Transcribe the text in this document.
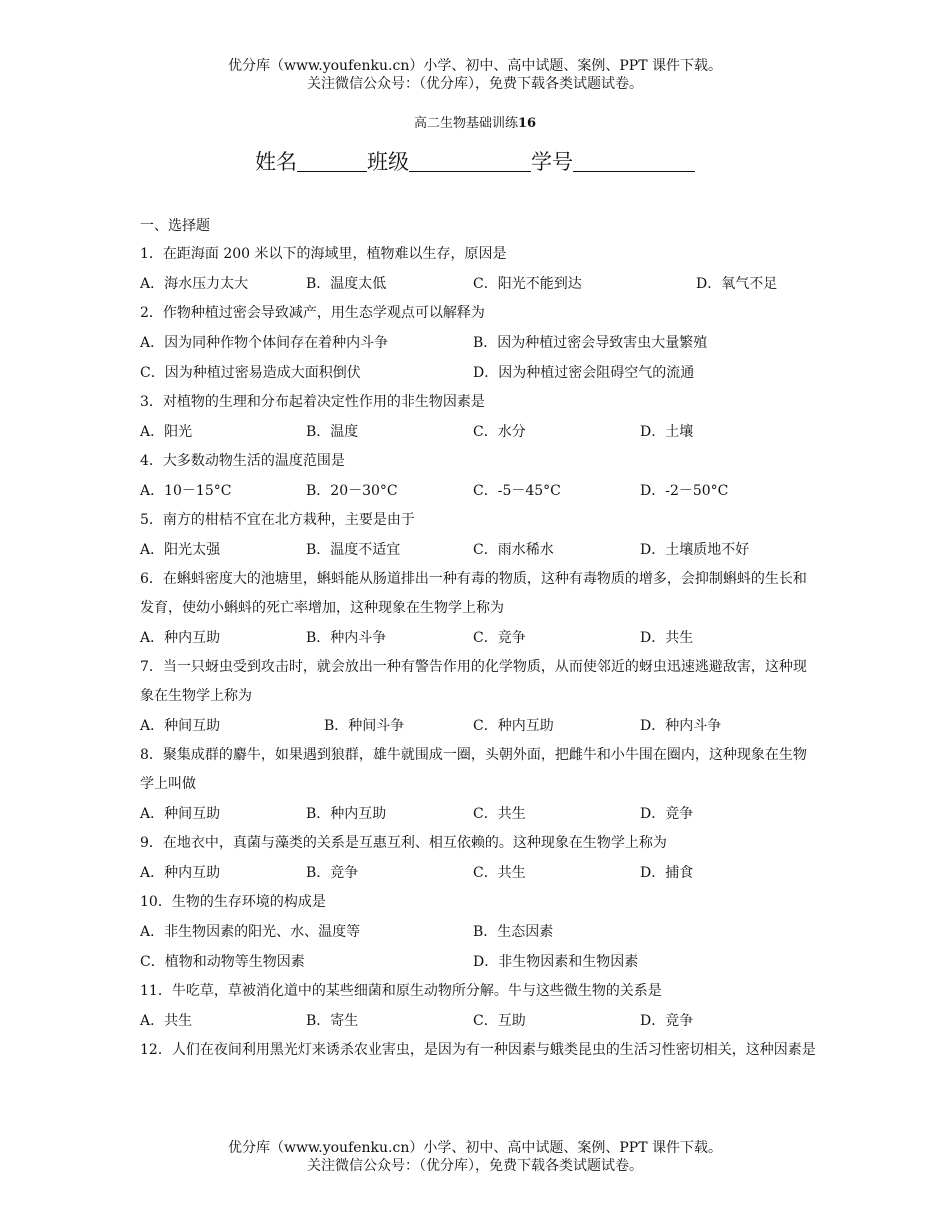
优分库（www.youfenku.cn）小学、初中、高中试题、案例、PPT 课件下载。
关注微信公众号：（优分库），免费下载各类试题试卷。
高二生物基础训练16
姓名	班级	学号
一、选择题
1．在距海面 200 米以下的海域里，植物难以生存，原因是
A．海水压力太大	B．温度太低	C．阳光不能到达	D．氧气不足
2．作物种植过密会导致减产，用生态学观点可以解释为
A．因为同种作物个体间存在着种内斗争	B．因为种植过密会导致害虫大量繁殖
C．因为种植过密易造成大面积倒伏	D．因为种植过密会阻碍空气的流通
3．对植物的生理和分布起着决定性作用的非生物因素是
A．阳光	B．温度	C．水分	D．土壤
4．大多数动物生活的温度范围是
A．10－15°C	B．20－30°C	C．-5－45°C	D．-2－50°C
5．南方的柑桔不宜在北方栽种，主要是由于
A．阳光太强	B．温度不适宜	C．雨水稀水	D．土壤质地不好
6．在蝌蚪密度大的池塘里，蝌蚪能从肠道排出一种有毒的物质，这种有毒物质的增多，会抑制蝌蚪的生长和发育，使幼小蝌蚪的死亡率增加，这种现象在生物学上称为
A．种内互助	B．种内斗争	C．竞争	D．共生
7．当一只蚜虫受到攻击时，就会放出一种有警告作用的化学物质，从而使邻近的蚜虫迅速逃避敌害，这种现象在生物学上称为
A．种间互助	B．种间斗争	C．种内互助	D．种内斗争
8．聚集成群的麝牛，如果遇到狼群，雄牛就围成一圈，头朝外面，把雌牛和小牛围在圈内，这种现象在生物学上叫做
A．种间互助	B．种内互助	C．共生	D．竞争
9．在地衣中，真菌与藻类的关系是互惠互利、相互依赖的。这种现象在生物学上称为
A．种内互助	B．竞争	C．共生	D．捕食
10．生物的生存环境的构成是
A．非生物因素的阳光、水、温度等	B．生态因素
C．植物和动物等生物因素	D．非生物因素和生物因素
11．牛吃草，草被消化道中的某些细菌和原生动物所分解。牛与这些微生物的关系是
A．共生	B．寄生	C．互助	D．竞争
12．人们在夜间利用黑光灯来诱杀农业害虫，是因为有一种因素与蛾类昆虫的生活习性密切相关，这种因素是
优分库（www.youfenku.cn）小学、初中、高中试题、案例、PPT 课件下载。
关注微信公众号：（优分库），免费下载各类试题试卷。
